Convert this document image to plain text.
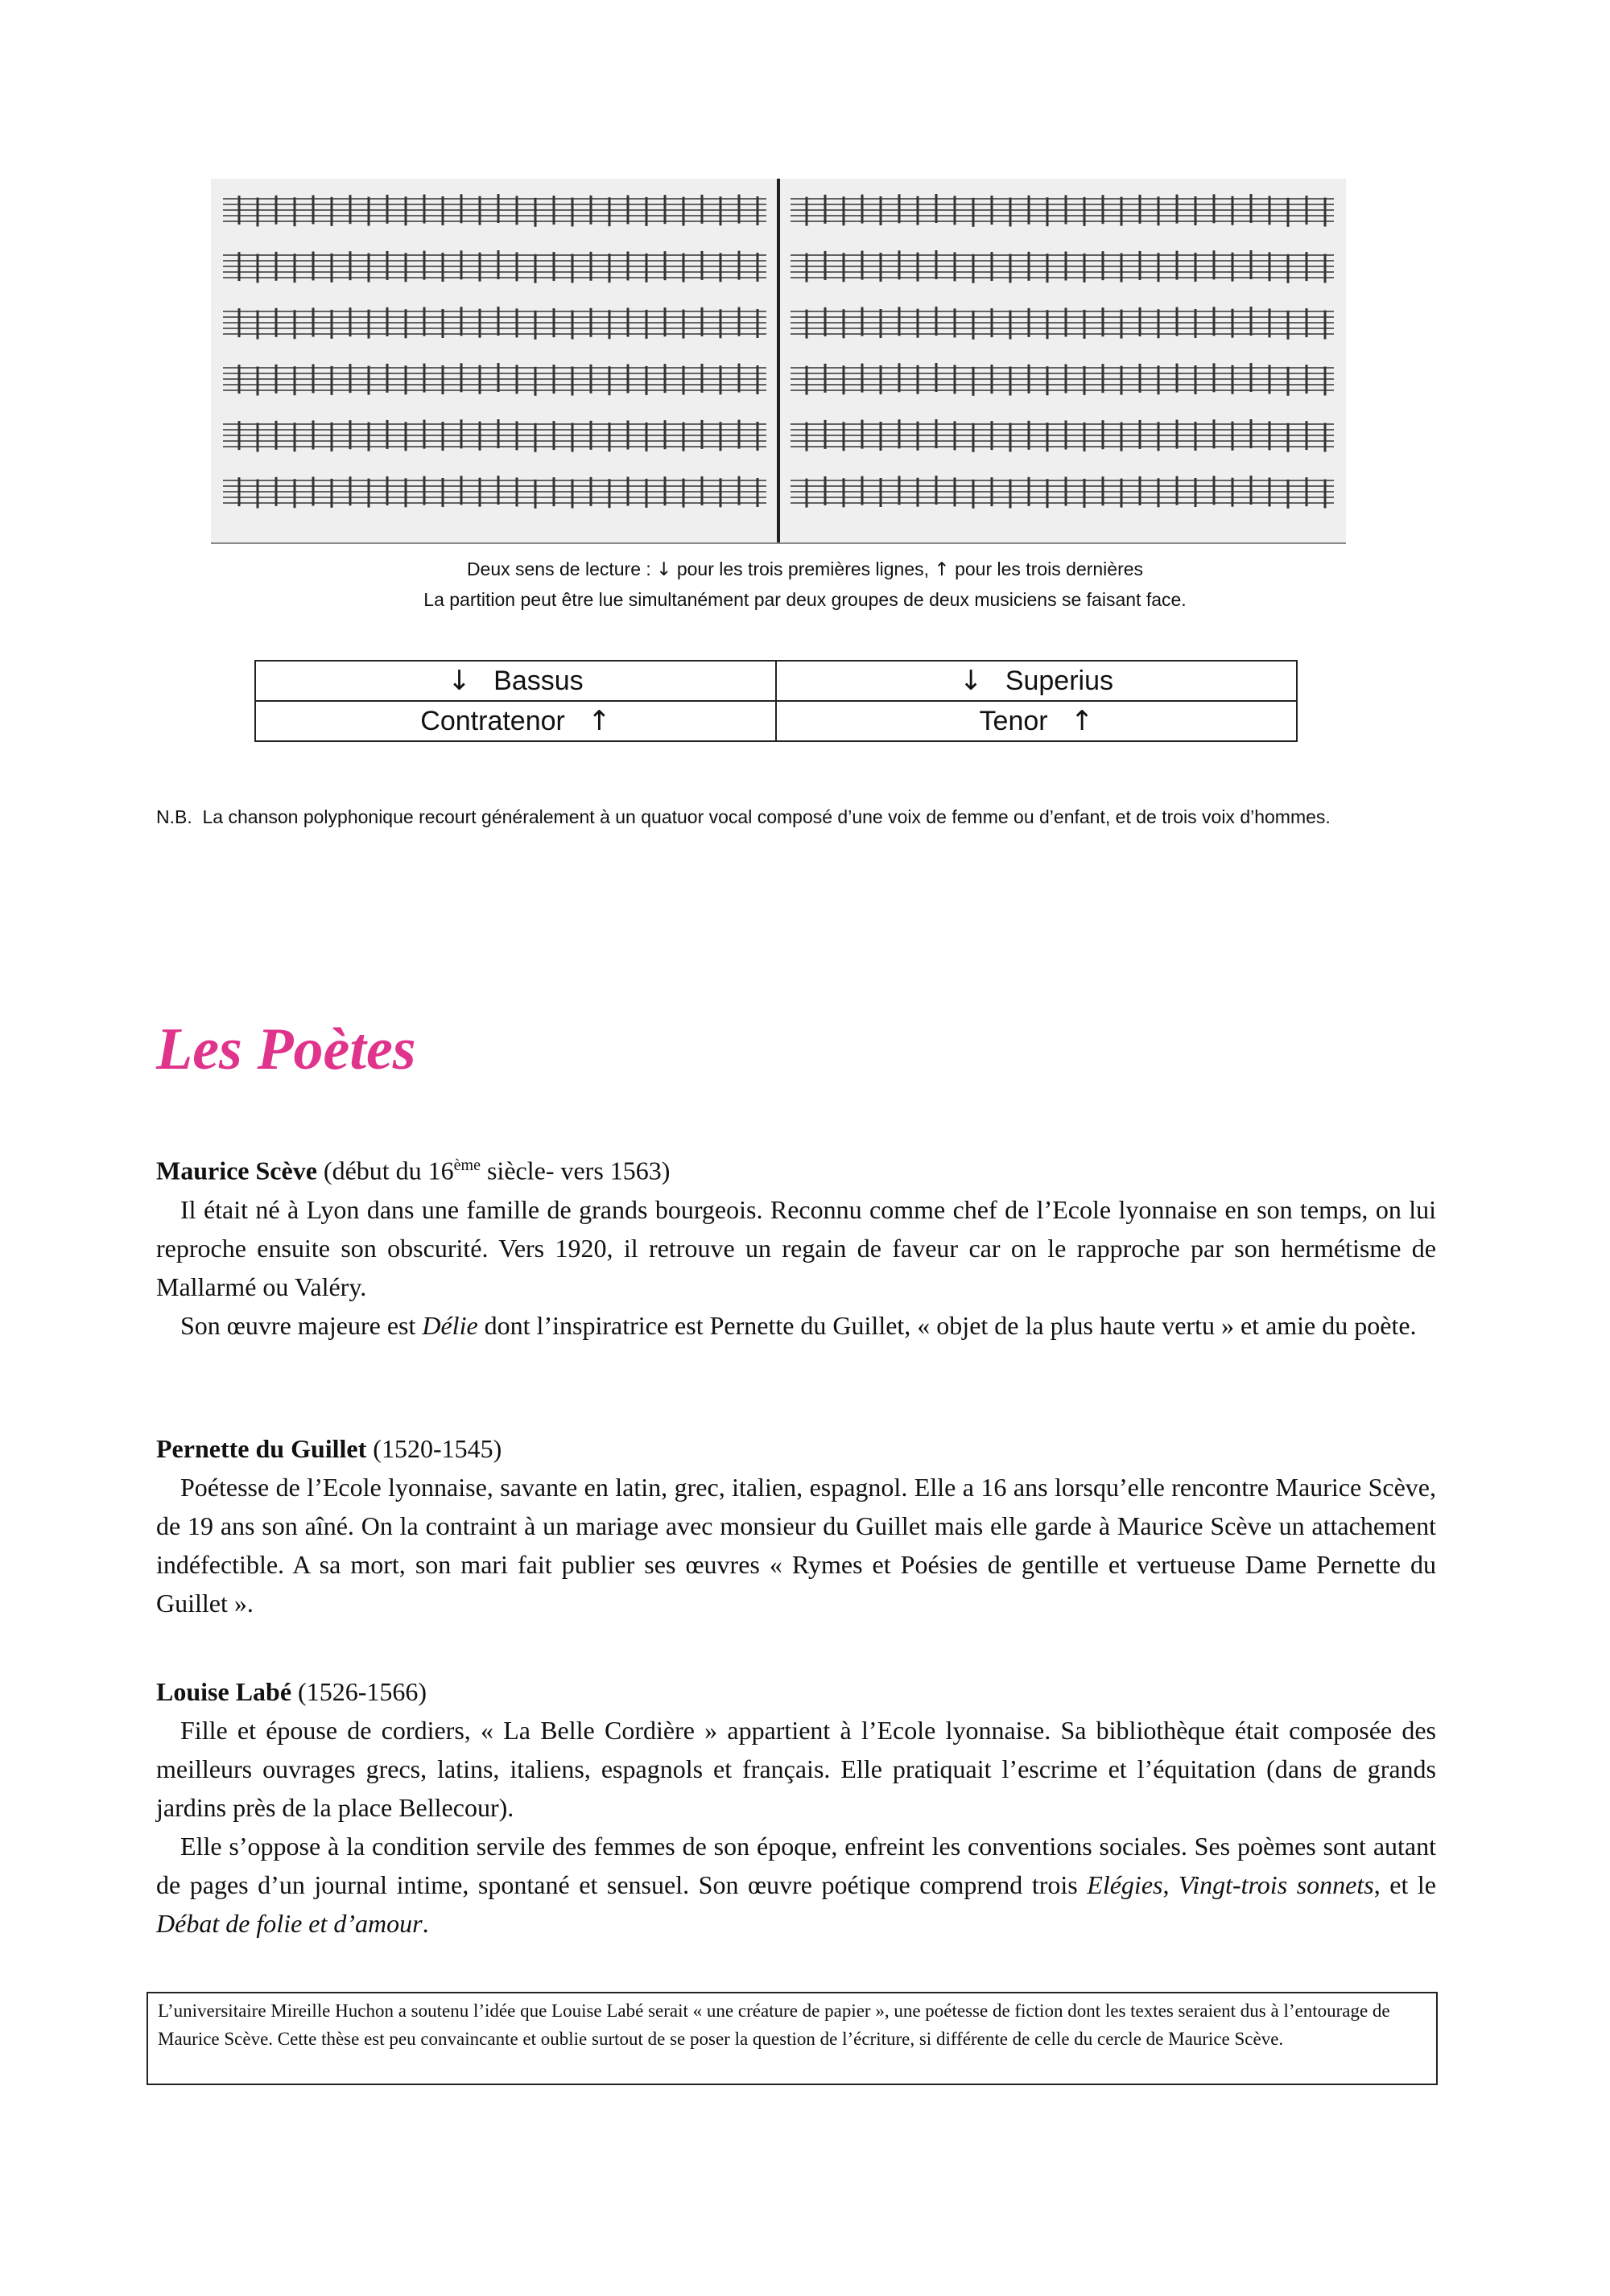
Deux sens de lecture : ↓ pour les trois premières lignes, ↑ pour les trois dernières
La partition peut être lue simultanément par deux groupes de deux musiciens se faisant face.
↓ Bassus	↓ Superius
Contratenor ↑	Tenor ↑
N.B. La chanson polyphonique recourt généralement à un quatuor vocal composé d’une voix de femme ou d’enfant, et de trois voix d’hommes.
Les Poètes

Maurice Scève (début du 16ème siècle- vers 1563)

Il était né à Lyon dans une famille de grands bourgeois. Reconnu comme chef de l’Ecole lyonnaise en son temps, on lui reproche ensuite son obscurité. Vers 1920, il retrouve un regain de faveur car on le rapproche par son hermétisme de Mallarmé ou Valéry.

Son œuvre majeure est Délie dont l’inspiratrice est Pernette du Guillet, « objet de la plus haute vertu » et amie du poète.

Pernette du Guillet (1520-1545)

Poétesse de l’Ecole lyonnaise, savante en latin, grec, italien, espagnol. Elle a 16 ans lorsqu’elle rencontre Maurice Scève, de 19 ans son aîné. On la contraint à un mariage avec monsieur du Guillet mais elle garde à Maurice Scève un attachement indéfectible. A sa mort, son mari fait publier ses œuvres « Rymes et Poésies de gentille et vertueuse Dame Pernette du Guillet ».

Louise Labé (1526-1566)

Fille et épouse de cordiers, « La Belle Cordière » appartient à l’Ecole lyonnaise. Sa bibliothèque était composée des meilleurs ouvrages grecs, latins, italiens, espagnols et français. Elle pratiquait l’escrime et l’équitation (dans de grands jardins près de la place Bellecour).

Elle s’oppose à la condition servile des femmes de son époque, enfreint les conventions sociales. Ses poèmes sont autant de pages d’un journal intime, spontané et sensuel. Son œuvre poétique comprend trois Elégies, Vingt-trois sonnets, et le Débat de folie et d’amour.

L’universitaire Mireille Huchon a soutenu l’idée que Louise Labé serait « une créature de papier », une poétesse de fiction dont les textes seraient dus à l’entourage de Maurice Scève. Cette thèse est peu convaincante et oublie surtout de se poser la question de l’écriture, si différente de celle du cercle de Maurice Scève.
